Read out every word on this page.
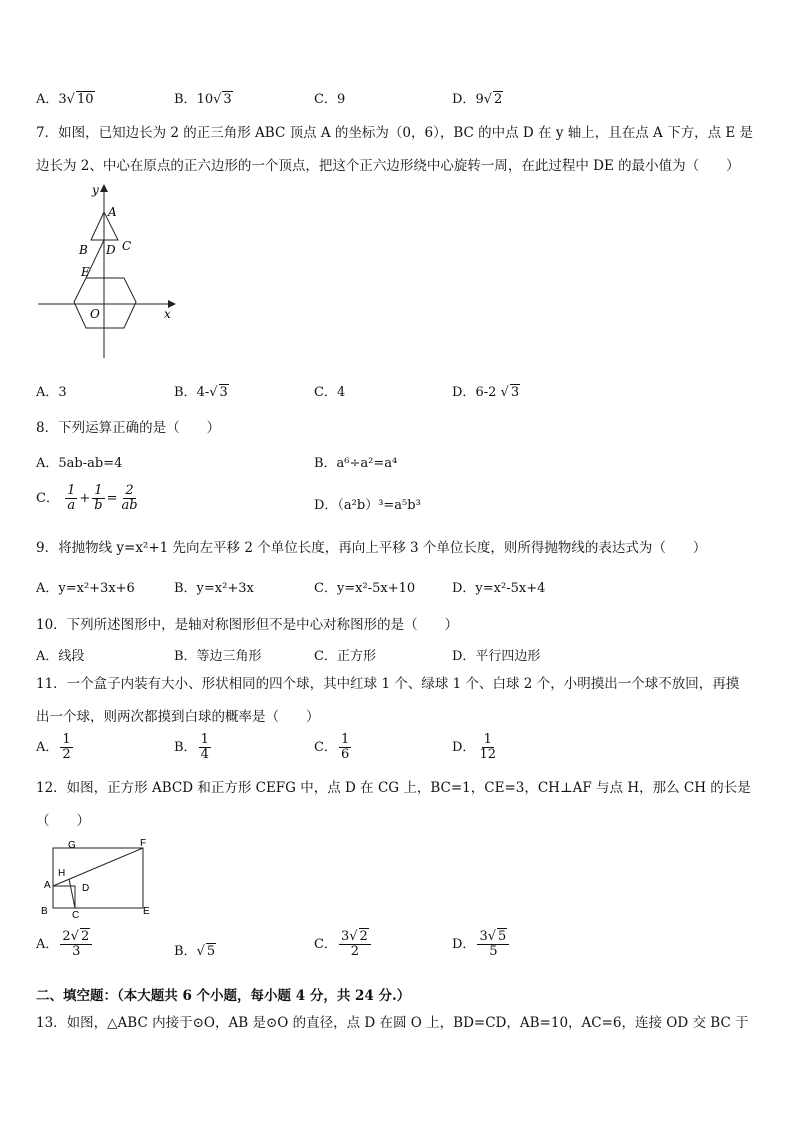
A．3√ 10	B．10√ 3	C．9	D．9√ 2
7．如图，已知边长为 2 的正三角形 ABC 顶点 A 的坐标为（0，6），BC 的中点 D 在 y 轴上，且在点 A 下方，点 E 是
边长为 2、中心在原点的正六边形的一个顶点，把这个正六边形绕中心旋转一周，在此过程中 DE 的最小值为（　　）
y
A
B	C
D
E
O	x
A．3	B．4-√ 3	C．4	D．6-2 √ 3
8．下列运算正确的是（　　）
A．5ab-ab=4	B．a⁶÷a²=a⁴
C． $\frac{1}{a} + \frac{1}{b} = \frac{2}{ab}$	D．（a²b）³=a⁵b³
9．将抛物线 y=x²+1 先向左平移 2 个单位长度，再向上平移 3 个单位长度，则所得抛物线的表达式为（　　）
A．y=x²+3x+6	B．y=x²+3x	C．y=x²-5x+10	D．y=x²-5x+4
10．下列所述图形中，是轴对称图形但不是中心对称图形的是（　　）
A．线段	B．等边三角形	C．正方形	D．平行四边形
11．一个盒子内装有大小、形状相同的四个球，其中红球 1 个、绿球 1 个、白球 2 个，小明摸出一个球不放回，再摸
出一个球，则两次都摸到白球的概率是（　　）
A． $\frac{1}{2}$	B． $\frac{1}{4}$	C． $\frac{1}{6}$	D． $\frac{1}{12}$
12．如图，正方形 ABCD 和正方形 CEFG 中，点 D 在 CG 上，BC=1，CE=3，CH⊥AF 与点 H，那么 CH 的长是
（　　）
G	F
H
A	D
B C	E
A． $\frac{2√ 2}{3}$	B．√ 5	C． $\frac{3√ 2}{2}$	D． $\frac{3√ 5}{5}$
二、填空题：（本大题共 6 个小题，每小题 4 分，共 24 分.）
13．如图，△ABC 内接于⊙O，AB 是⊙O 的直径，点 D 在圆 O 上，BD=CD，AB=10，AC=6，连接 OD 交 BC 于
